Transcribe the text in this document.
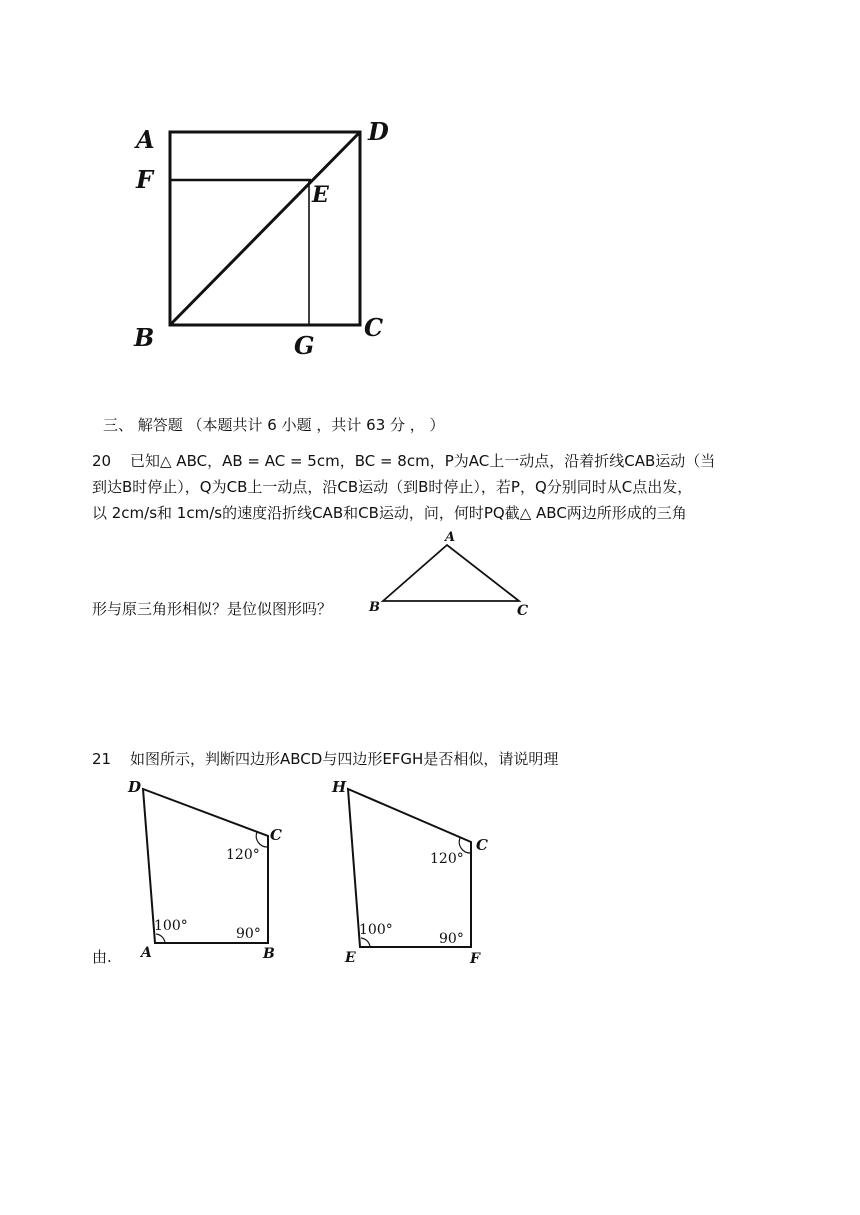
A	D
F
E
B	G
C
三、 解答题 （本题共计 6 小题 ，共计 63 分 ， ）
20 已知△ ABC，AB = AC = 5cm，BC = 8cm，P为AC上一动点，沿着折线CAB运动（当
到达B时停止），Q为CB上一动点，沿CB运动（到B时停止），若P，Q分别同时从C点出发，
以 2cm/s和 1cm/s的速度沿折线CAB和CB运动，问，何时PQ截△ ABC两边所形成的三角
形与原三角形相似？是位似图形吗？
A
B	C
21 如图所示，判断四边形ABCD与四边形EFGH是否相似，请说明理
由.
D
C
A	B
120°
100°	90°
H
C
E	F
120°
100°
90°
